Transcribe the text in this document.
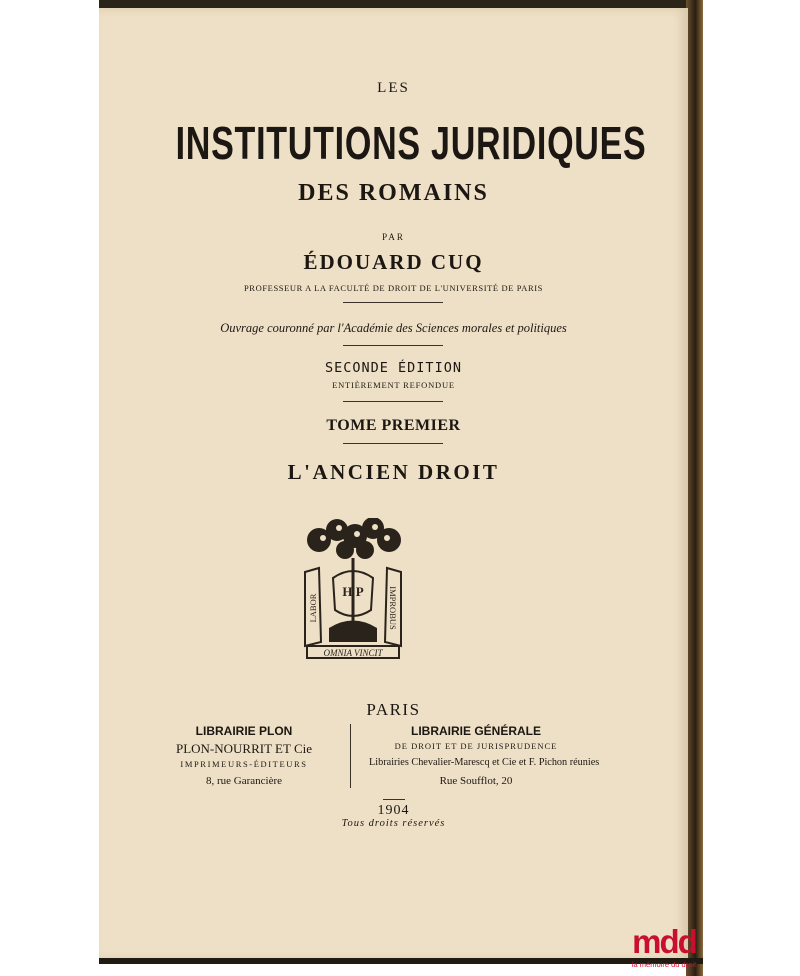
LES
INSTITUTIONS JURIDIQUES
DES ROMAINS
PAR
ÉDOUARD CUQ
PROFESSEUR A LA FACULTÉ DE DROIT DE L'UNIVERSITÉ DE PARIS
Ouvrage couronné par l'Académie des Sciences morales et politiques
SECONDE ÉDITION
ENTIÈREMENT REFONDUE
TOME PREMIER
L'ANCIEN DROIT
H P
LABOR	IMPROBUS
OMNIA VINCIT
PARIS
LIBRAIRIE PLON
PLON-NOURRIT ET Cie
IMPRIMEURS-ÉDITEURS
8, rue Garancière
LIBRAIRIE GÉNÉRALE
DE DROIT ET DE JURISPRUDENCE
Librairies Chevalier-Marescq et Cie et F. Pichon réunies
Rue Soufflot, 20
1904
Tous droits réservés
mdd
la mémoire du droit
